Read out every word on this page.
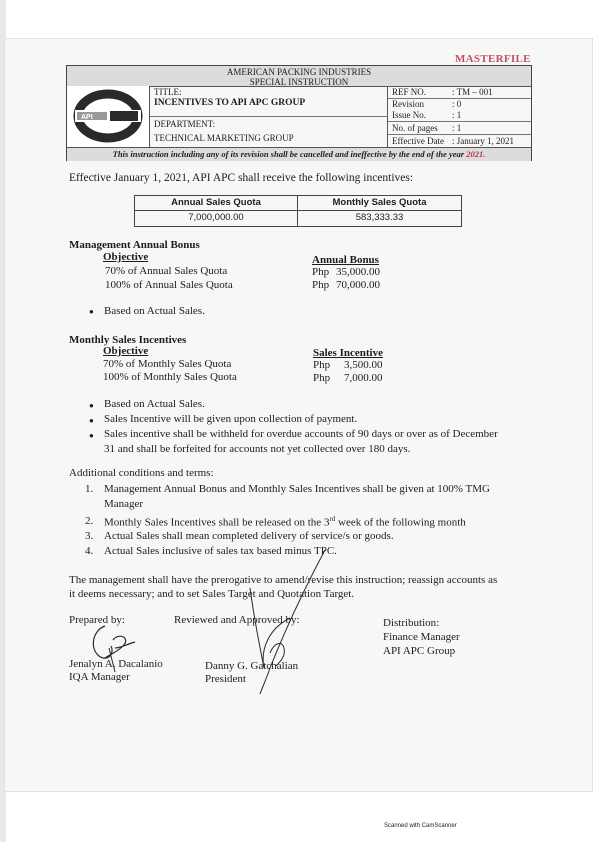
MASTERFILE
AMERICAN PACKING INDUSTRIES
SPECIAL INSTRUCTION
API
TITLE:
INCENTIVES TO API APC GROUP
DEPARTMENT:
TECHNICAL MARKETING GROUP
REF NO.	: TM – 001
Revision	: 0
Issue No.	: 1
No. of pages : 1
Effective Date : January 1, 2021
This instruction including any of its revision shall be cancelled and ineffective by the end of the year 2021.
Effective January 1, 2021, API APC shall receive the following incentives:
Annual Sales Quota	Monthly Sales Quota
7,000,000.00	583,333.33
Management Annual Bonus
Objective	Annual Bonus
70% of Annual Sales Quota	Php 35,000.00
100% of Annual Sales Quota	Php 70,000.00
● Based on Actual Sales.
Monthly Sales Incentives
Objective	Sales Incentive
70% of Monthly Sales Quota	Php 3,500.00
100% of Monthly Sales Quota	Php 7,000.00
● Based on Actual Sales.
● Sales Incentive will be given upon collection of payment.
● Sales incentive shall be withheld for overdue accounts of 90 days or over as of December
31 and shall be forfeited for accounts not yet collected over 180 days.
Additional conditions and terms:
1. Management Annual Bonus and Monthly Sales Incentives shall be given at 100% TMG
Manager
2. Monthly Sales Incentives shall be released on the 3rd week of the following month
3. Actual Sales shall mean completed delivery of service/s or goods.
4. Actual Sales inclusive of sales tax based minus TPC.
The management shall have the prerogative to amend/revise this instruction; reassign accounts as
it deems necessary; and to set Sales Target and Quotation Target.
Prepared by:
Jenalyn A. Dacalanio
IQA Manager
Reviewed and Approved by:
Danny G. Gatchalian
President
Distribution:
Finance Manager
API APC Group
Scanned with CamScanner
